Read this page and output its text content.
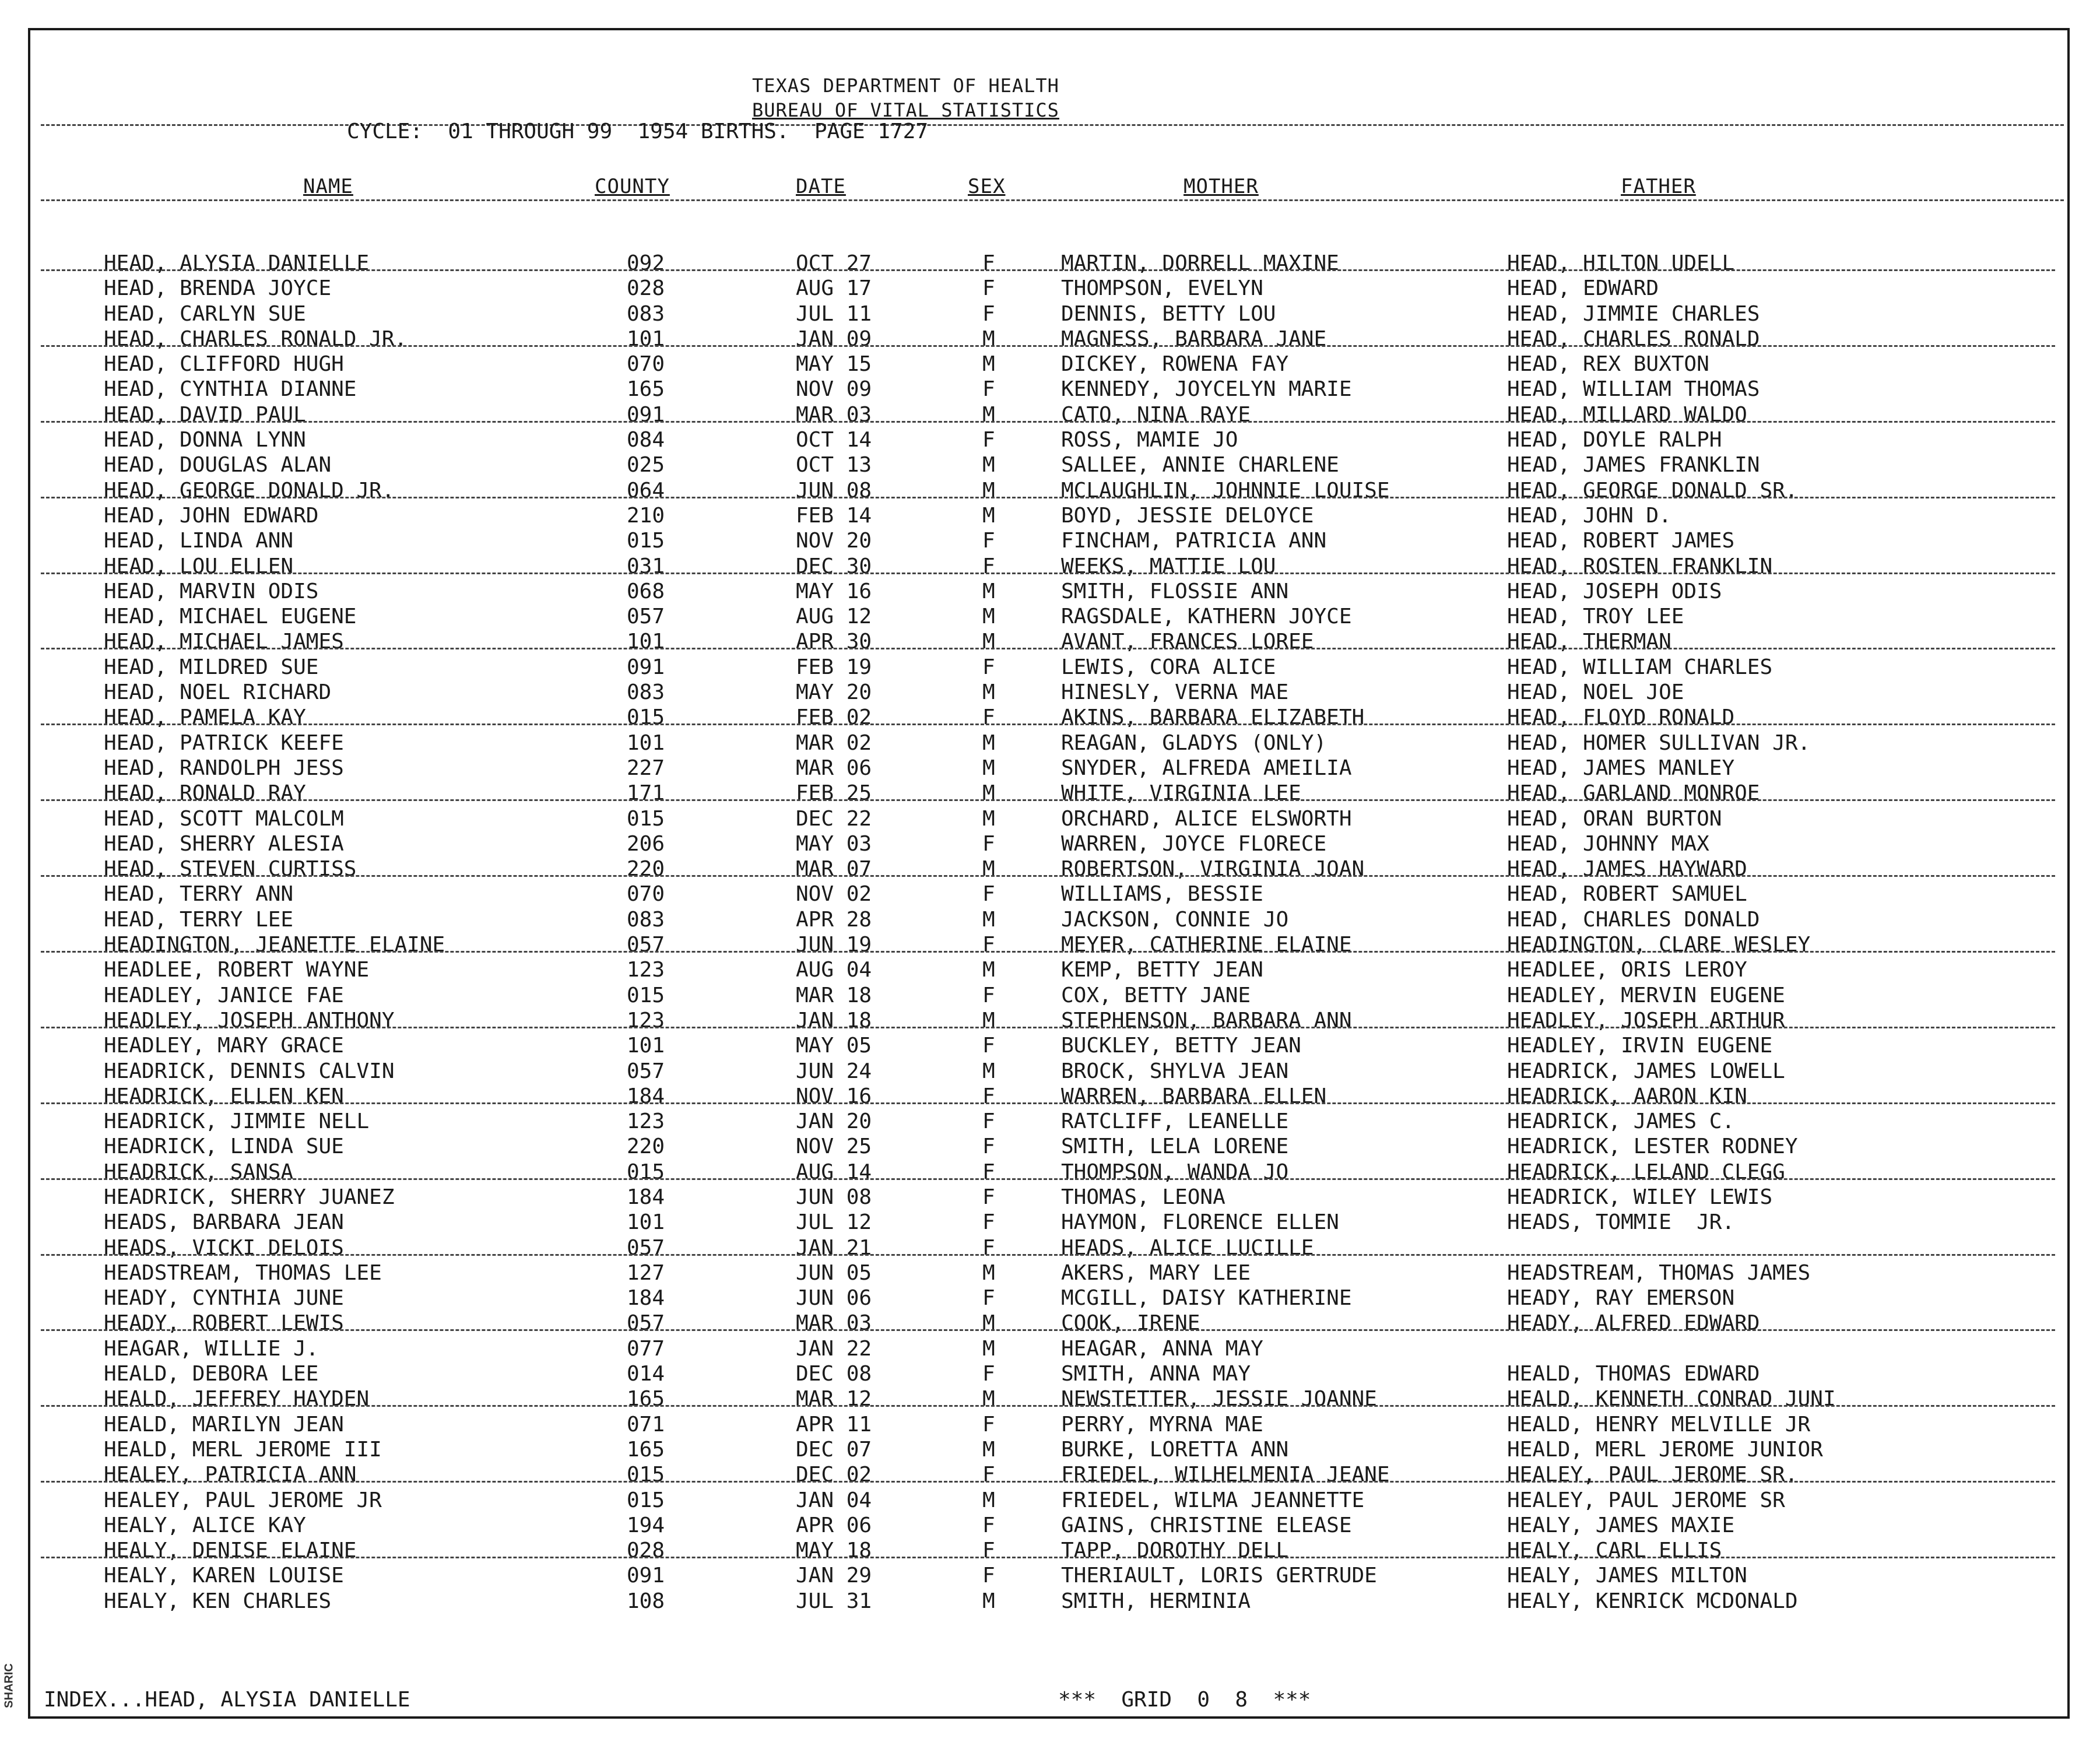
SHARIC
TEXAS DEPARTMENT OF HEALTH
BUREAU OF VITAL STATISTICS
CYCLE:  01 THROUGH 99  1954 BIRTHS.  PAGE 1727
NAME	COUNTY	DATE	SEX	MOTHER	FATHER
HEAD, ALYSIA DANIELLE	092	OCT 27	F	MARTIN, DORRELL MAXINE	HEAD, HILTON UDELL
HEAD, BRENDA JOYCE	028	AUG 17	F	THOMPSON, EVELYN	HEAD, EDWARD
HEAD, CARLYN SUE	083	JUL 11	F	DENNIS, BETTY LOU	HEAD, JIMMIE CHARLES
HEAD, CHARLES RONALD JR.	101	JAN 09	M	MAGNESS, BARBARA JANE	HEAD, CHARLES RONALD
HEAD, CLIFFORD HUGH	070	MAY 15	M	DICKEY, ROWENA FAY	HEAD, REX BUXTON
HEAD, CYNTHIA DIANNE	165	NOV 09	F	KENNEDY, JOYCELYN MARIE	HEAD, WILLIAM THOMAS
HEAD, DAVID PAUL	091	MAR 03	M	CATO, NINA RAYE	HEAD, MILLARD WALDO
HEAD, DONNA LYNN	084	OCT 14	F	ROSS, MAMIE JO	HEAD, DOYLE RALPH
HEAD, DOUGLAS ALAN	025	OCT 13	M	SALLEE, ANNIE CHARLENE	HEAD, JAMES FRANKLIN
HEAD, GEORGE DONALD JR.	064	JUN 08	M	MCLAUGHLIN, JOHNNIE LOUISE	HEAD, GEORGE DONALD SR.
HEAD, JOHN EDWARD	210	FEB 14	M	BOYD, JESSIE DELOYCE	HEAD, JOHN D.
HEAD, LINDA ANN	015	NOV 20	F	FINCHAM, PATRICIA ANN	HEAD, ROBERT JAMES
HEAD, LOU ELLEN	031	DEC 30	F	WEEKS, MATTIE LOU	HEAD, ROSTEN FRANKLIN
HEAD, MARVIN ODIS	068	MAY 16	M	SMITH, FLOSSIE ANN	HEAD, JOSEPH ODIS
HEAD, MICHAEL EUGENE	057	AUG 12	M	RAGSDALE, KATHERN JOYCE	HEAD, TROY LEE
HEAD, MICHAEL JAMES	101	APR 30	M	AVANT, FRANCES LOREE	HEAD, THERMAN
HEAD, MILDRED SUE	091	FEB 19	F	LEWIS, CORA ALICE	HEAD, WILLIAM CHARLES
HEAD, NOEL RICHARD	083	MAY 20	M	HINESLY, VERNA MAE	HEAD, NOEL JOE
HEAD, PAMELA KAY	015	FEB 02	F	AKINS, BARBARA ELIZABETH	HEAD, FLOYD RONALD
HEAD, PATRICK KEEFE	101	MAR 02	M	REAGAN, GLADYS (ONLY)	HEAD, HOMER SULLIVAN JR.
HEAD, RANDOLPH JESS	227	MAR 06	M	SNYDER, ALFREDA AMEILIA	HEAD, JAMES MANLEY
HEAD, RONALD RAY	171	FEB 25	M	WHITE, VIRGINIA LEE	HEAD, GARLAND MONROE
HEAD, SCOTT MALCOLM	015	DEC 22	M	ORCHARD, ALICE ELSWORTH	HEAD, ORAN BURTON
HEAD, SHERRY ALESIA	206	MAY 03	F	WARREN, JOYCE FLORECE	HEAD, JOHNNY MAX
HEAD, STEVEN CURTISS	220	MAR 07	M	ROBERTSON, VIRGINIA JOAN	HEAD, JAMES HAYWARD
HEAD, TERRY ANN	070	NOV 02	F	WILLIAMS, BESSIE	HEAD, ROBERT SAMUEL
HEAD, TERRY LEE	083	APR 28	M	JACKSON, CONNIE JO	HEAD, CHARLES DONALD
HEADINGTON, JEANETTE ELAINE	057	JUN 19	F	MEYER, CATHERINE ELAINE	HEADINGTON, CLARE WESLEY
HEADLEE, ROBERT WAYNE	123	AUG 04	M	KEMP, BETTY JEAN	HEADLEE, ORIS LEROY
HEADLEY, JANICE FAE	015	MAR 18	F	COX, BETTY JANE	HEADLEY, MERVIN EUGENE
HEADLEY, JOSEPH ANTHONY	123	JAN 18	M	STEPHENSON, BARBARA ANN	HEADLEY, JOSEPH ARTHUR
HEADLEY, MARY GRACE	101	MAY 05	F	BUCKLEY, BETTY JEAN	HEADLEY, IRVIN EUGENE
HEADRICK, DENNIS CALVIN	057	JUN 24	M	BROCK, SHYLVA JEAN	HEADRICK, JAMES LOWELL
HEADRICK, ELLEN KEN	184	NOV 16	F	WARREN, BARBARA ELLEN	HEADRICK, AARON KIN
HEADRICK, JIMMIE NELL	123	JAN 20	F	RATCLIFF, LEANELLE	HEADRICK, JAMES C.
HEADRICK, LINDA SUE	220	NOV 25	F	SMITH, LELA LORENE	HEADRICK, LESTER RODNEY
HEADRICK, SANSA	015	AUG 14	F	THOMPSON, WANDA JO	HEADRICK, LELAND CLEGG
HEADRICK, SHERRY JUANEZ	184	JUN 08	F	THOMAS, LEONA	HEADRICK, WILEY LEWIS
HEADS, BARBARA JEAN	101	JUL 12	F	HAYMON, FLORENCE ELLEN	HEADS, TOMMIE  JR.
HEADS, VICKI DELOIS	057	JAN 21	F	HEADS, ALICE LUCILLE
HEADSTREAM, THOMAS LEE	127	JUN 05	M	AKERS, MARY LEE	HEADSTREAM, THOMAS JAMES
HEADY, CYNTHIA JUNE	184	JUN 06	F	MCGILL, DAISY KATHERINE	HEADY, RAY EMERSON
HEADY, ROBERT LEWIS	057	MAR 03	M	COOK, IRENE	HEADY, ALFRED EDWARD
HEAGAR, WILLIE J.	077	JAN 22	M	HEAGAR, ANNA MAY
HEALD, DEBORA LEE	014	DEC 08	F	SMITH, ANNA MAY	HEALD, THOMAS EDWARD
HEALD, JEFFREY HAYDEN	165	MAR 12	M	NEWSTETTER, JESSIE JOANNE	HEALD, KENNETH CONRAD JUNI
HEALD, MARILYN JEAN	071	APR 11	F	PERRY, MYRNA MAE	HEALD, HENRY MELVILLE JR
HEALD, MERL JEROME III	165	DEC 07	M	BURKE, LORETTA ANN	HEALD, MERL JEROME JUNIOR
HEALEY, PATRICIA ANN	015	DEC 02	F	FRIEDEL, WILHELMENIA JEANE	HEALEY, PAUL JEROME SR.
HEALEY, PAUL JEROME JR	015	JAN 04	M	FRIEDEL, WILMA JEANNETTE	HEALEY, PAUL JEROME SR
HEALY, ALICE KAY	194	APR 06	F	GAINS, CHRISTINE ELEASE	HEALY, JAMES MAXIE
HEALY, DENISE ELAINE	028	MAY 18	F	TAPP, DOROTHY DELL	HEALY, CARL ELLIS
HEALY, KAREN LOUISE	091	JAN 29	F	THERIAULT, LORIS GERTRUDE	HEALY, JAMES MILTON
HEALY, KEN CHARLES	108	JUL 31	M	SMITH, HERMINIA	HEALY, KENRICK MCDONALD
INDEX...HEAD, ALYSIA DANIELLE	***  GRID  0  8  ***
